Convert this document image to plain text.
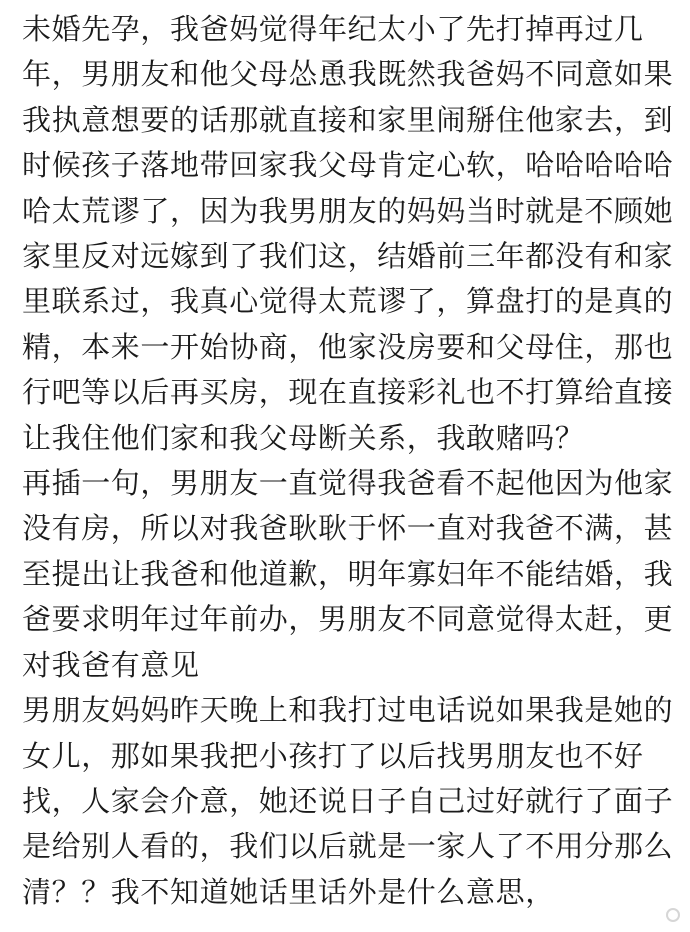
未婚先孕，我爸妈觉得年纪太小了先打掉再过几
年，男朋友和他父母怂恿我既然我爸妈不同意如果
我执意想要的话那就直接和家里闹掰住他家去，到
时候孩子落地带回家我父母肯定心软，哈哈哈哈哈
哈太荒谬了，因为我男朋友的妈妈当时就是不顾她
家里反对远嫁到了我们这，结婚前三年都没有和家
里联系过，我真心觉得太荒谬了，算盘打的是真的
精，本来一开始协商，他家没房要和父母住，那也
行吧等以后再买房，现在直接彩礼也不打算给直接
让我住他们家和我父母断关系，我敢赌吗？
再插一句，男朋友一直觉得我爸看不起他因为他家
没有房，所以对我爸耿耿于怀一直对我爸不满，甚
至提出让我爸和他道歉，明年寡妇年不能结婚，我
爸要求明年过年前办，男朋友不同意觉得太赶，更
对我爸有意见
男朋友妈妈昨天晚上和我打过电话说如果我是她的
女儿，那如果我把小孩打了以后找男朋友也不好
找，人家会介意，她还说日子自己过好就行了面子
是给别人看的，我们以后就是一家人了不用分那么
清？？我不知道她话里话外是什么意思，
